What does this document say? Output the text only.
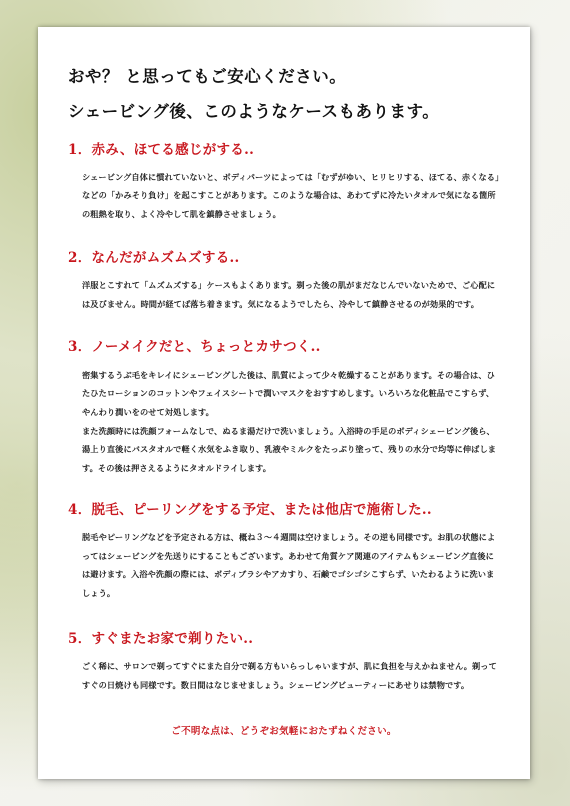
おや？ と思ってもご安心ください。
シェービング後、このようなケースもあります。
1．赤み、ほてる感じがする..

シェービング自体に慣れていないと、ボディパーツによっては「むずがゆい、ヒリヒリする、ほてる、赤くなる」などの「かみそり負け」を起こすことがあります。このような場合は、あわてずに冷たいタオルで気になる箇所の粗熱を取り、よく冷やして肌を鎮静させましょう。

2．なんだがムズムズする..

洋服とこすれて「ムズムズする」ケースもよくあります。剃った後の肌がまだなじんでいないためで、ご心配には及びません。時間が経てば落ち着きます。気になるようでしたら、冷やして鎮静させるのが効果的です。

3．ノーメイクだと、ちょっとカサつく..

密集するうぶ毛をキレイにシェービングした後は、肌質によって少々乾燥することがあります。その場合は、ひたひたローションのコットンやフェイスシートで潤いマスクをおすすめします。いろいろな化粧品でこすらず、やんわり潤いをのせて対処します。

また洗顔時には洗顔フォームなしで、ぬるま湯だけで洗いましょう。入浴時の手足のボディシェービング後ら、湯上り直後にバスタオルで軽く水気をふき取り、乳液やミルクをたっぷり塗って、残りの水分で均等に伸ばします。その後は押さえるようにタオルドライします。

4．脱毛、ピーリングをする予定、または他店で施術した..

脱毛やピーリングなどを予定される方は、概ね３～４週間は空けましょう。その逆も同様です。お肌の状態によってはシェービングを先送りにすることもございます。あわせて角質ケア関連のアイテムもシェービング直後には避けます。入浴や洗顔の際には、ボディブラシやアカすり、石鹸でゴシゴシこすらず、いたわるように洗いましょう。

5．すぐまたお家で剃りたい..

ごく稀に、サロンで剃ってすぐにまた自分で剃る方もいらっしゃいますが、肌に負担を与えかねません。剃ってすぐの日焼けも同様です。数日間はなじませましょう。シェービングビューティーにあせりは禁物です。

ご不明な点は、どうぞお気軽におたずねください。
